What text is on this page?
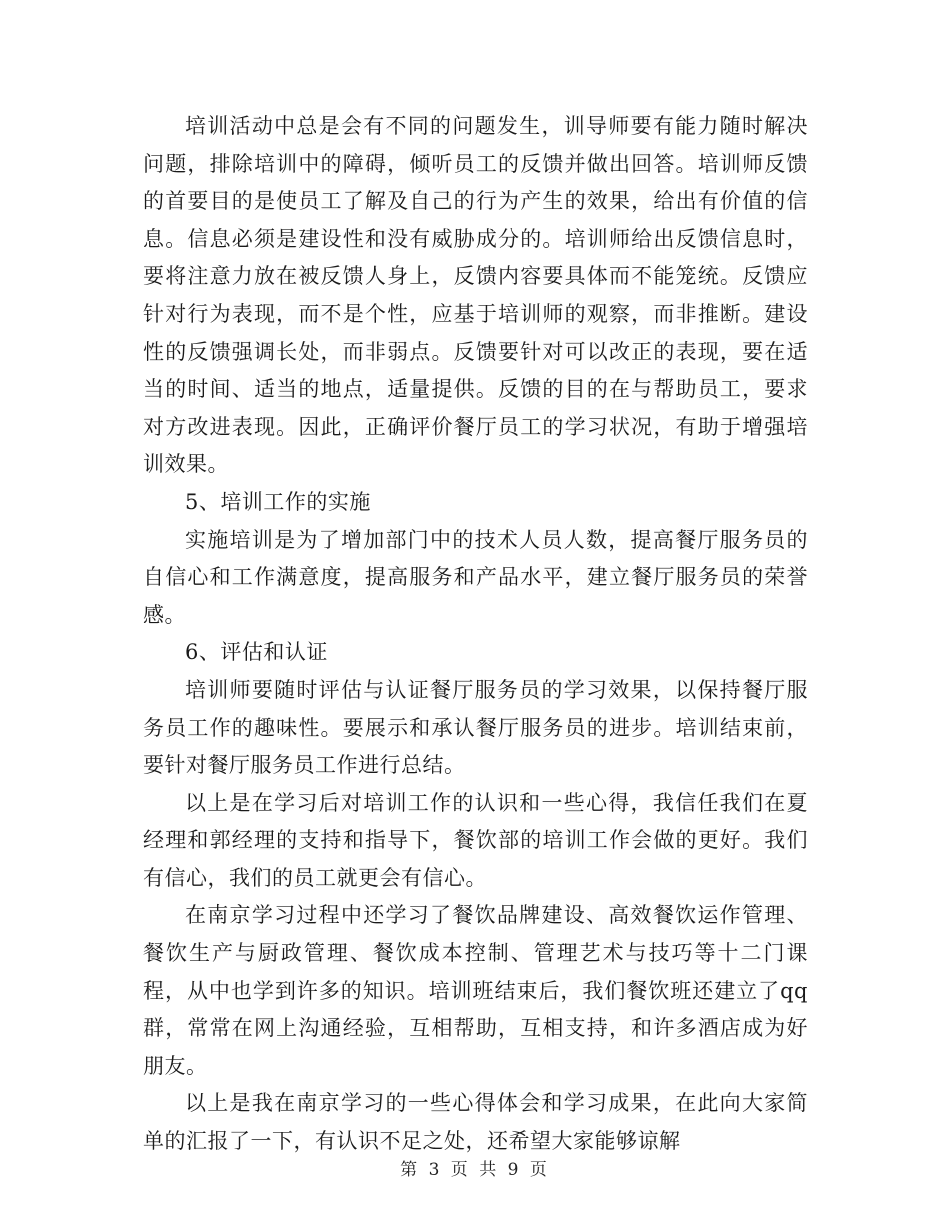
培训活动中总是会有不同的问题发生，训导师要有能力随时解决问题，排除培训中的障碍，倾听员工的反馈并做出回答。培训师反馈的首要目的是使员工了解及自己的行为产生的效果，给出有价值的信息。信息必须是建设性和没有威胁成分的。培训师给出反馈信息时，要将注意力放在被反馈人身上，反馈内容要具体而不能笼统。反馈应针对行为表现，而不是个性，应基于培训师的观察，而非推断。建设性的反馈强调长处，而非弱点。反馈要针对可以改正的表现，要在适当的时间、适当的地点，适量提供。反馈的目的在与帮助员工，要求对方改进表现。因此，正确评价餐厅员工的学习状况，有助于增强培训效果。

5、培训工作的实施

实施培训是为了增加部门中的技术人员人数，提高餐厅服务员的自信心和工作满意度，提高服务和产品水平，建立餐厅服务员的荣誉感。

6、评估和认证

培训师要随时评估与认证餐厅服务员的学习效果，以保持餐厅服务员工作的趣味性。要展示和承认餐厅服务员的进步。培训结束前，要针对餐厅服务员工作进行总结。

以上是在学习后对培训工作的认识和一些心得，我信任我们在夏经理和郭经理的支持和指导下，餐饮部的培训工作会做的更好。我们有信心，我们的员工就更会有信心。

在南京学习过程中还学习了餐饮品牌建设、高效餐饮运作管理、餐饮生产与厨政管理、餐饮成本控制、管理艺术与技巧等十二门课程，从中也学到许多的知识。培训班结束后，我们餐饮班还建立了qq群，常常在网上沟通经验，互相帮助，互相支持，和许多酒店成为好朋友。

以上是我在南京学习的一些心得体会和学习成果，在此向大家简单的汇报了一下，有认识不足之处，还希望大家能够谅解

第 3 页 共 9 页
